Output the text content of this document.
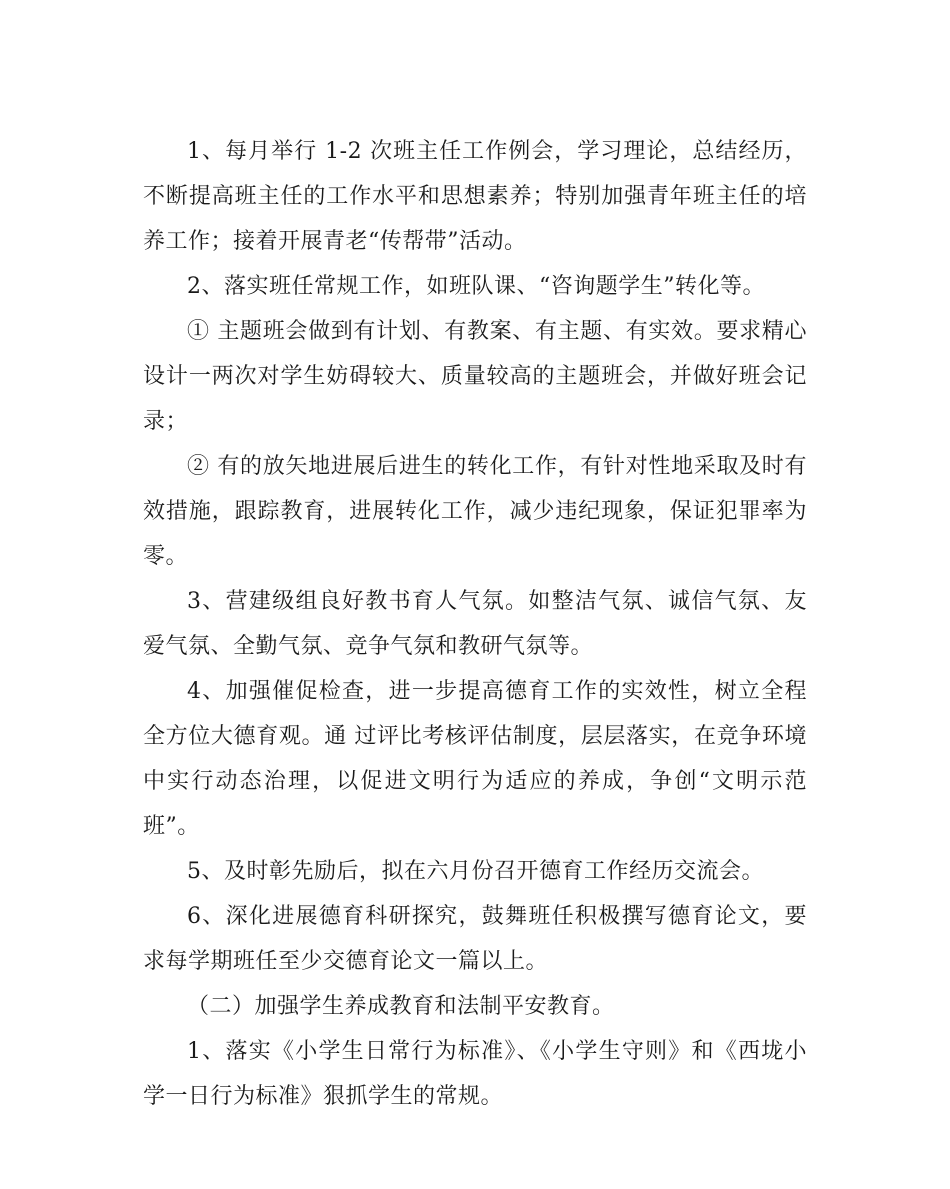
1、每月举行 1-2 次班主任工作例会，学习理论，总结经历，不断提高班主任的工作水平和思想素养；特别加强青年班主任的培养工作；接着开展青老“传帮带”活动。

2、落实班任常规工作，如班队课、“咨询题学生”转化等。

① 主题班会做到有计划、有教案、有主题、有实效。要求精心设计一两次对学生妨碍较大、质量较高的主题班会，并做好班会记录；

② 有的放矢地进展后进生的转化工作，有针对性地采取及时有效措施，跟踪教育，进展转化工作，减少违纪现象，保证犯罪率为零。

3、营建级组良好教书育人气氛。如整洁气氛、诚信气氛、友爱气氛、全勤气氛、竞争气氛和教研气氛等。

4、加强催促检查，进一步提高德育工作的实效性，树立全程全方位大德育观。通 过评比考核评估制度，层层落实，在竞争环境中实行动态治理，以促进文明行为适应的养成，争创“文明示范班”。

5、及时彰先励后，拟在六月份召开德育工作经历交流会。

6、深化进展德育科研探究，鼓舞班任积极撰写德育论文，要求每学期班任至少交德育论文一篇以上。

（二）加强学生养成教育和法制平安教育。

1、落实《小学生日常行为标准》、《小学生守则》和《西垅小学一日行为标准》狠抓学生的常规。
